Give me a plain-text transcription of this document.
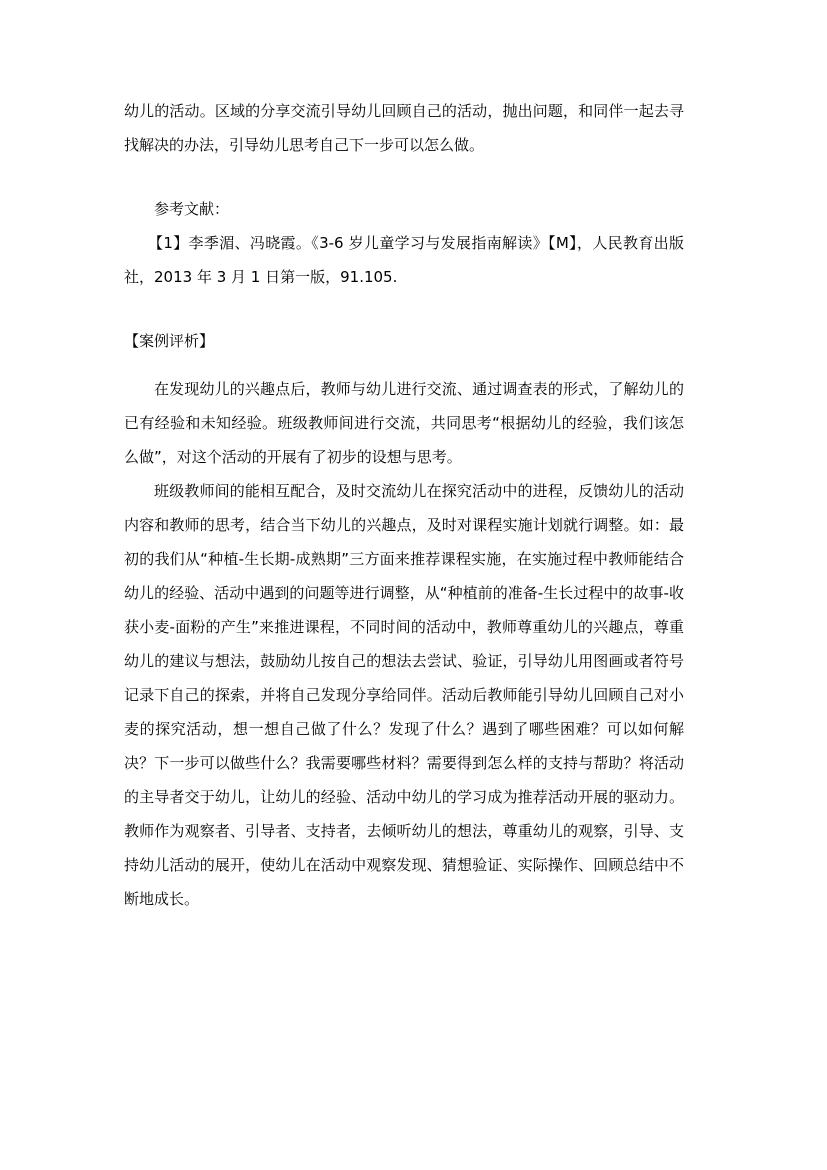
幼儿的活动。区域的分享交流引导幼儿回顾自己的活动，抛出问题，和同伴一起去寻找解决的办法，引导幼儿思考自己下一步可以怎么做。

参考文献：

【1】李季湄、冯晓霞。《3-6 岁儿童学习与发展指南解读》【M】，人民教育出版社，2013 年 3 月 1 日第一版，91.105.

【案例评析】

在发现幼儿的兴趣点后，教师与幼儿进行交流、通过调查表的形式，了解幼儿的已有经验和未知经验。班级教师间进行交流，共同思考“根据幼儿的经验，我们该怎么做”，对这个活动的开展有了初步的设想与思考。

班级教师间的能相互配合，及时交流幼儿在探究活动中的进程，反馈幼儿的活动内容和教师的思考，结合当下幼儿的兴趣点，及时对课程实施计划就行调整。如：最初的我们从“种植-生长期-成熟期”三方面来推荐课程实施，在实施过程中教师能结合幼儿的经验、活动中遇到的问题等进行调整，从“种植前的准备-生长过程中的故事-收获小麦-面粉的产生”来推进课程，不同时间的活动中，教师尊重幼儿的兴趣点，尊重幼儿的建议与想法，鼓励幼儿按自己的想法去尝试、验证，引导幼儿用图画或者符号记录下自己的探索，并将自己发现分享给同伴。活动后教师能引导幼儿回顾自己对小麦的探究活动，想一想自己做了什么？发现了什么？遇到了哪些困难？可以如何解决？下一步可以做些什么？我需要哪些材料？需要得到怎么样的支持与帮助？将活动的主导者交于幼儿，让幼儿的经验、活动中幼儿的学习成为推荐活动开展的驱动力。教师作为观察者、引导者、支持者，去倾听幼儿的想法，尊重幼儿的观察，引导、支持幼儿活动的展开，使幼儿在活动中观察发现、猜想验证、实际操作、回顾总结中不断地成长。
